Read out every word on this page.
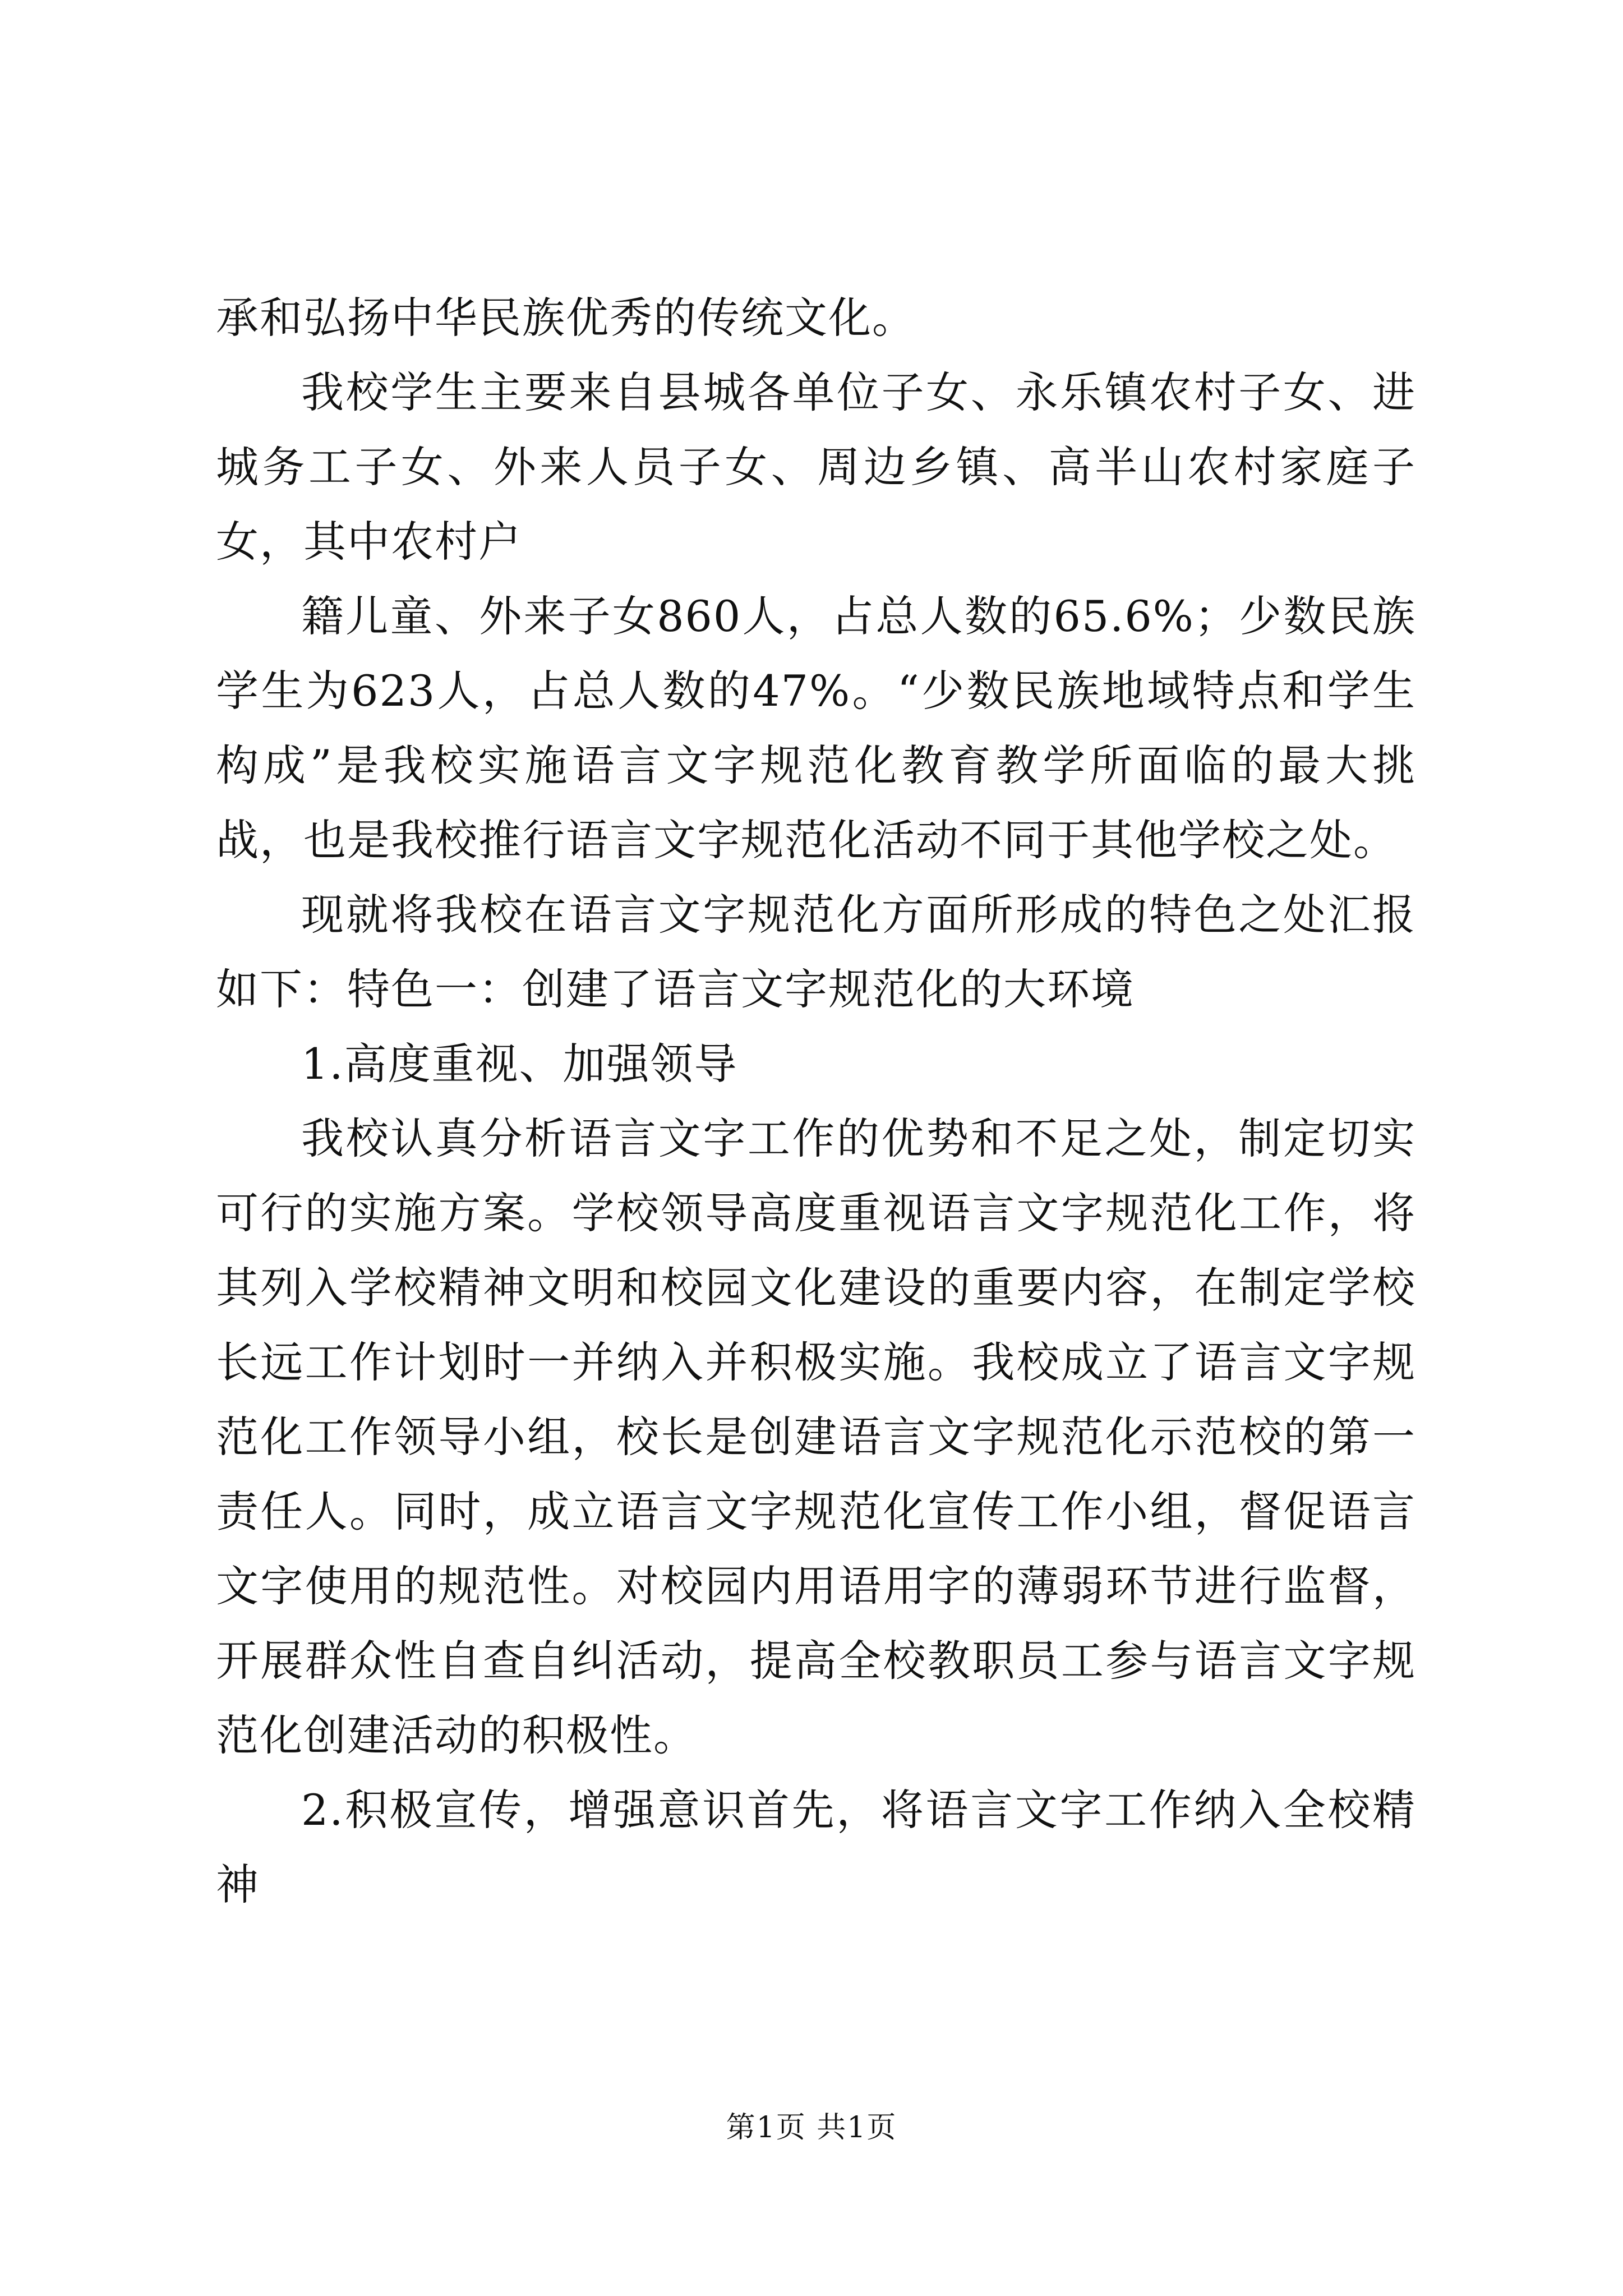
承和弘扬中华民族优秀的传统文化。

我校学生主要来自县城各单位子女、永乐镇农村子女、进城务工子女、外来人员子女、周边乡镇、高半山农村家庭子女，其中农村户

籍儿童、外来子女860人，占总人数的65.6%；少数民族学生为623人，占总人数的47%。“少数民族地域特点和学生构成”是我校实施语言文字规范化教育教学所面临的最大挑战，也是我校推行语言文字规范化活动不同于其他学校之处。

现就将我校在语言文字规范化方面所形成的特色之处汇报如下：特色一：创建了语言文字规范化的大环境

1.高度重视、加强领导

我校认真分析语言文字工作的优势和不足之处，制定切实可行的实施方案。学校领导高度重视语言文字规范化工作，将其列入学校精神文明和校园文化建设的重要内容，在制定学校长远工作计划时一并纳入并积极实施。我校成立了语言文字规范化工作领导小组，校长是创建语言文字规范化示范校的第一责任人。同时，成立语言文字规范化宣传工作小组，督促语言文字使用的规范性。对校园内用语用字的薄弱环节进行监督，开展群众性自查自纠活动，提高全校教职员工参与语言文字规范化创建活动的积极性。

2.积极宣传，增强意识首先，将语言文字工作纳入全校精神

第1页 共1页
